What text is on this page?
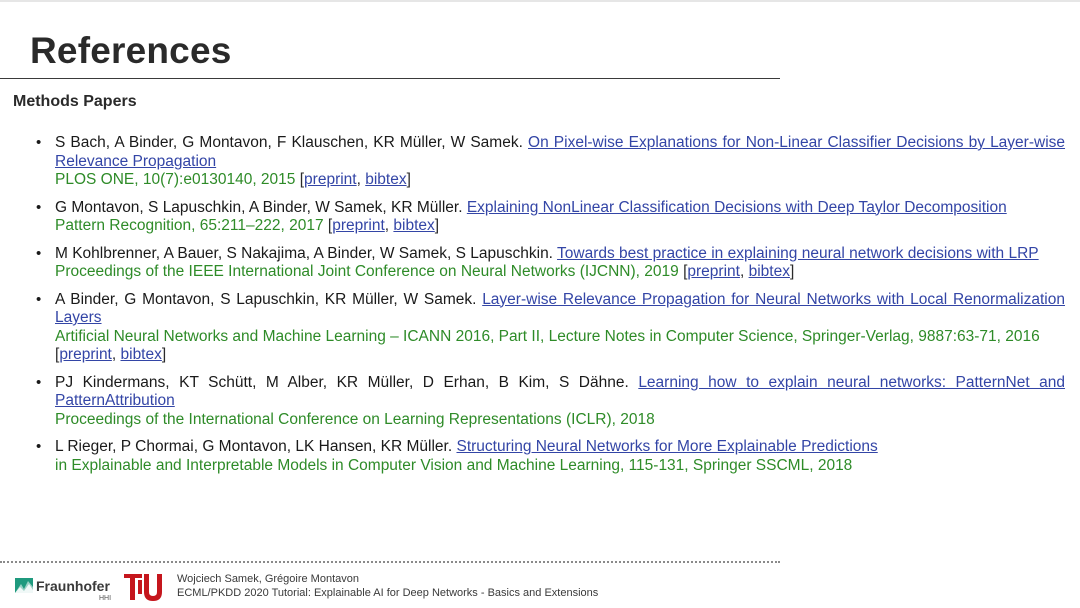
References
Methods Papers
• S Bach, A Binder, G Montavon, F Klauschen, KR Müller, W Samek. On Pixel-wise Explanations for Non-Linear Classifier Decisions by Layer-wise Relevance Propagation
PLOS ONE, 10(7):e0130140, 2015 [preprint, bibtex]
• G Montavon, S Lapuschkin, A Binder, W Samek, KR Müller. Explaining NonLinear Classification Decisions with Deep Taylor Decomposition
Pattern Recognition, 65:211–222, 2017 [preprint, bibtex]
• M Kohlbrenner, A Bauer, S Nakajima, A Binder, W Samek, S Lapuschkin. Towards best practice in explaining neural network decisions with LRP
Proceedings of the IEEE International Joint Conference on Neural Networks (IJCNN), 2019 [preprint, bibtex]
• A Binder, G Montavon, S Lapuschkin, KR Müller, W Samek. Layer-wise Relevance Propagation for Neural Networks with Local Renormalization Layers
Artificial Neural Networks and Machine Learning – ICANN 2016, Part II, Lecture Notes in Computer Science, Springer-Verlag, 9887:63-71, 2016 [preprint, bibtex]
• PJ Kindermans, KT Schütt, M Alber, KR Müller, D Erhan, B Kim, S Dähne. Learning how to explain neural networks: PatternNet and PatternAttribution
Proceedings of the International Conference on Learning Representations (ICLR), 2018
• L Rieger, P Chormai, G Montavon, LK Hansen, KR Müller. Structuring Neural Networks for More Explainable Predictions
in Explainable and Interpretable Models in Computer Vision and Machine Learning, 115-131, Springer SSCML, 2018
Fraunhofer
HHI
Wojciech Samek, Grégoire Montavon
ECML/PKDD 2020 Tutorial: Explainable AI for Deep Networks - Basics and Extensions
